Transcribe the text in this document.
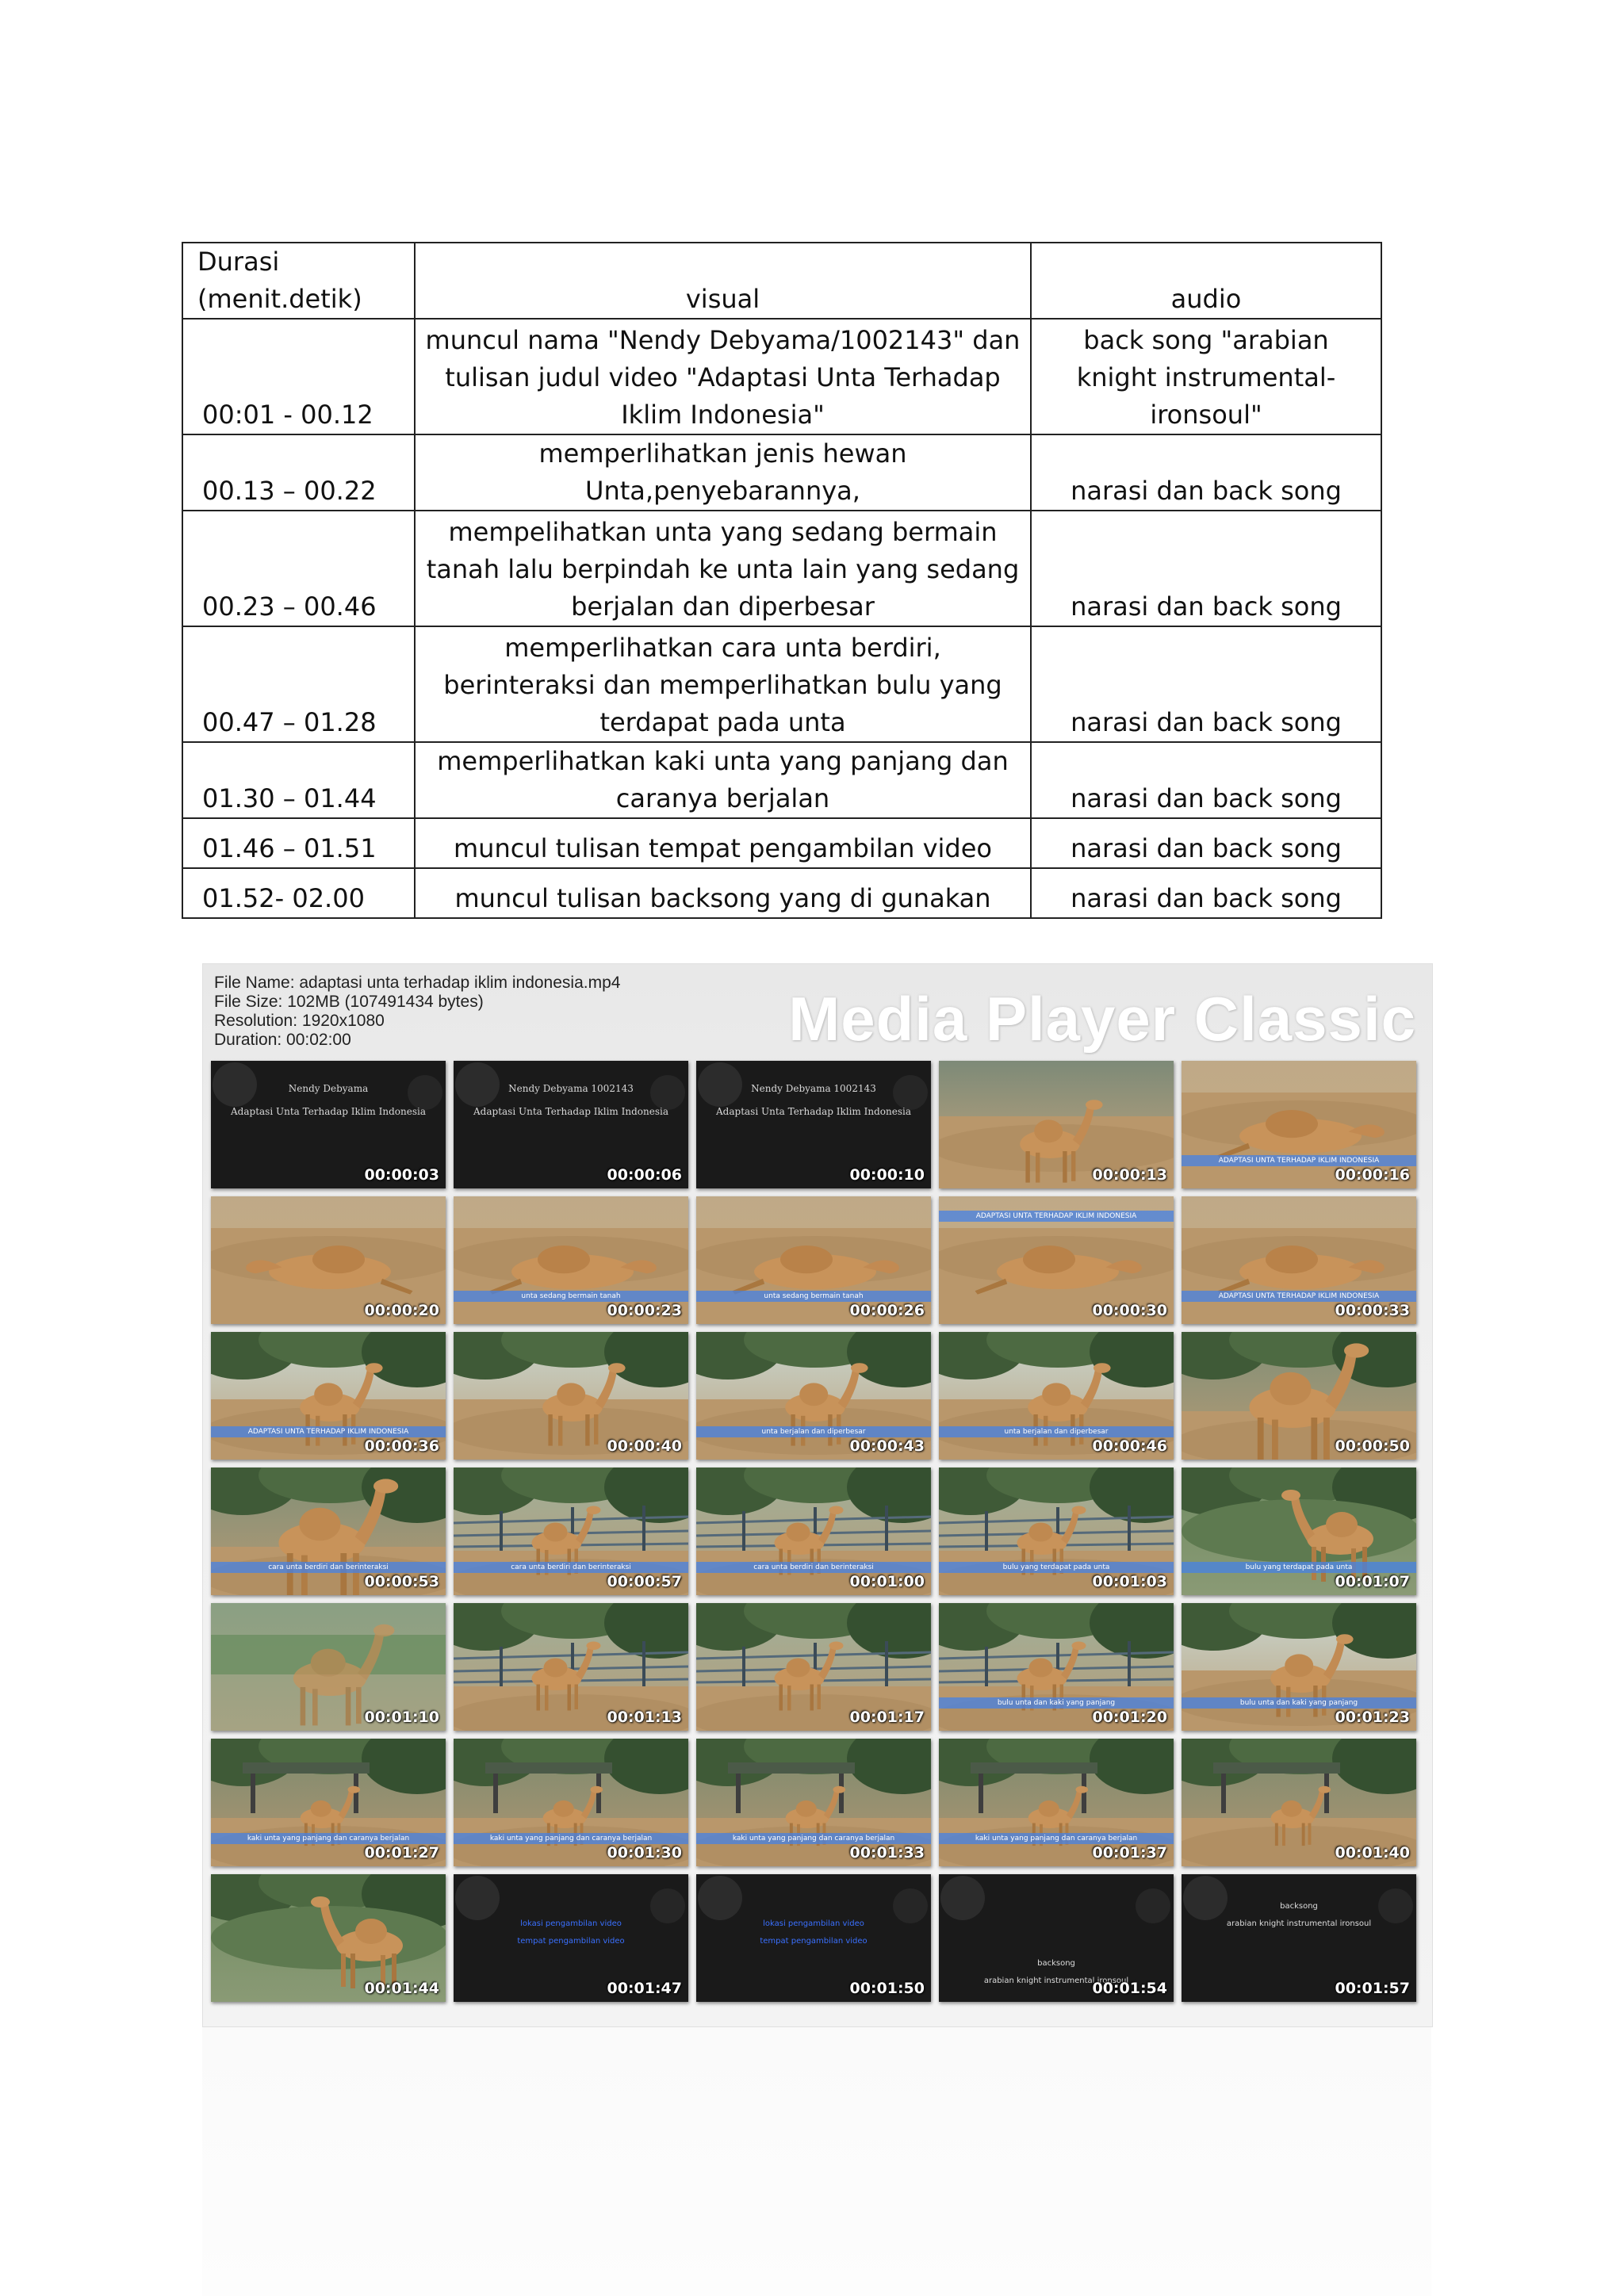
Durasi
(menit.detik)	visual	audio
00:01 - 00.12	muncul nama "Nendy Debyama/1002143" dan tulisan judul video "Adaptasi Unta Terhadap Iklim Indonesia"	back song "arabian knight instrumental-ironsoul"
00.13 – 00.22	memperlihatkan jenis hewan Unta,penyebarannya,	narasi dan back song
00.23 – 00.46	mempelihatkan unta yang sedang bermain tanah lalu berpindah ke unta lain yang sedang berjalan dan diperbesar	narasi dan back song
00.47 – 01.28	memperlihatkan cara unta berdiri, berinteraksi dan memperlihatkan bulu yang terdapat pada unta	narasi dan back song
01.30 – 01.44	memperlihatkan kaki unta yang panjang dan caranya berjalan	narasi dan back song
01.46 – 01.51	muncul tulisan tempat pengambilan video	narasi dan back song
01.52- 02.00	muncul tulisan backsong yang di gunakan	narasi dan back song
File Name: adaptasi unta terhadap iklim indonesia.mp4
File Size: 102MB (107491434 bytes)
Resolution: 1920x1080
Duration: 00:02:00	Media Player Classic
Nendy Debyama
Adaptasi Unta Terhadap Iklim Indonesia
00:00:03
Nendy Debyama 1002143
Adaptasi Unta Terhadap Iklim Indonesia
00:00:06
Nendy Debyama 1002143
Adaptasi Unta Terhadap Iklim Indonesia
00:00:10	00:00:13
ADAPTASI UNTA TERHADAP IKLIM INDONESIA
00:00:16
00:00:20
unta sedang bermain tanah
00:00:23
unta sedang bermain tanah
00:00:26
ADAPTASI UNTA TERHADAP IKLIM INDONESIA
00:00:30
ADAPTASI UNTA TERHADAP IKLIM INDONESIA
00:00:33
ADAPTASI UNTA TERHADAP IKLIM INDONESIA
00:00:36	00:00:40
unta berjalan dan diperbesar
00:00:43
unta berjalan dan diperbesar
00:00:46	00:00:50
cara unta berdiri dan berinteraksi
00:00:53
cara unta berdiri dan berinteraksi
00:00:57
cara unta berdiri dan berinteraksi
00:01:00
bulu yang terdapat pada unta
00:01:03
bulu yang terdapat pada unta
00:01:07
00:01:10	00:01:13	00:01:17
bulu unta dan kaki yang panjang
00:01:20
bulu unta dan kaki yang panjang
00:01:23
kaki unta yang panjang dan caranya berjalan
00:01:27
kaki unta yang panjang dan caranya berjalan
00:01:30
kaki unta yang panjang dan caranya berjalan
00:01:33
kaki unta yang panjang dan caranya berjalan
00:01:37	00:01:40
00:01:44
lokasi pengambilan video
tempat pengambilan video
00:01:47
lokasi pengambilan video
tempat pengambilan video
00:01:50
backsong
arabian knight instrumental ironsoul
00:01:54
backsong
arabian knight instrumental ironsoul
00:01:57
